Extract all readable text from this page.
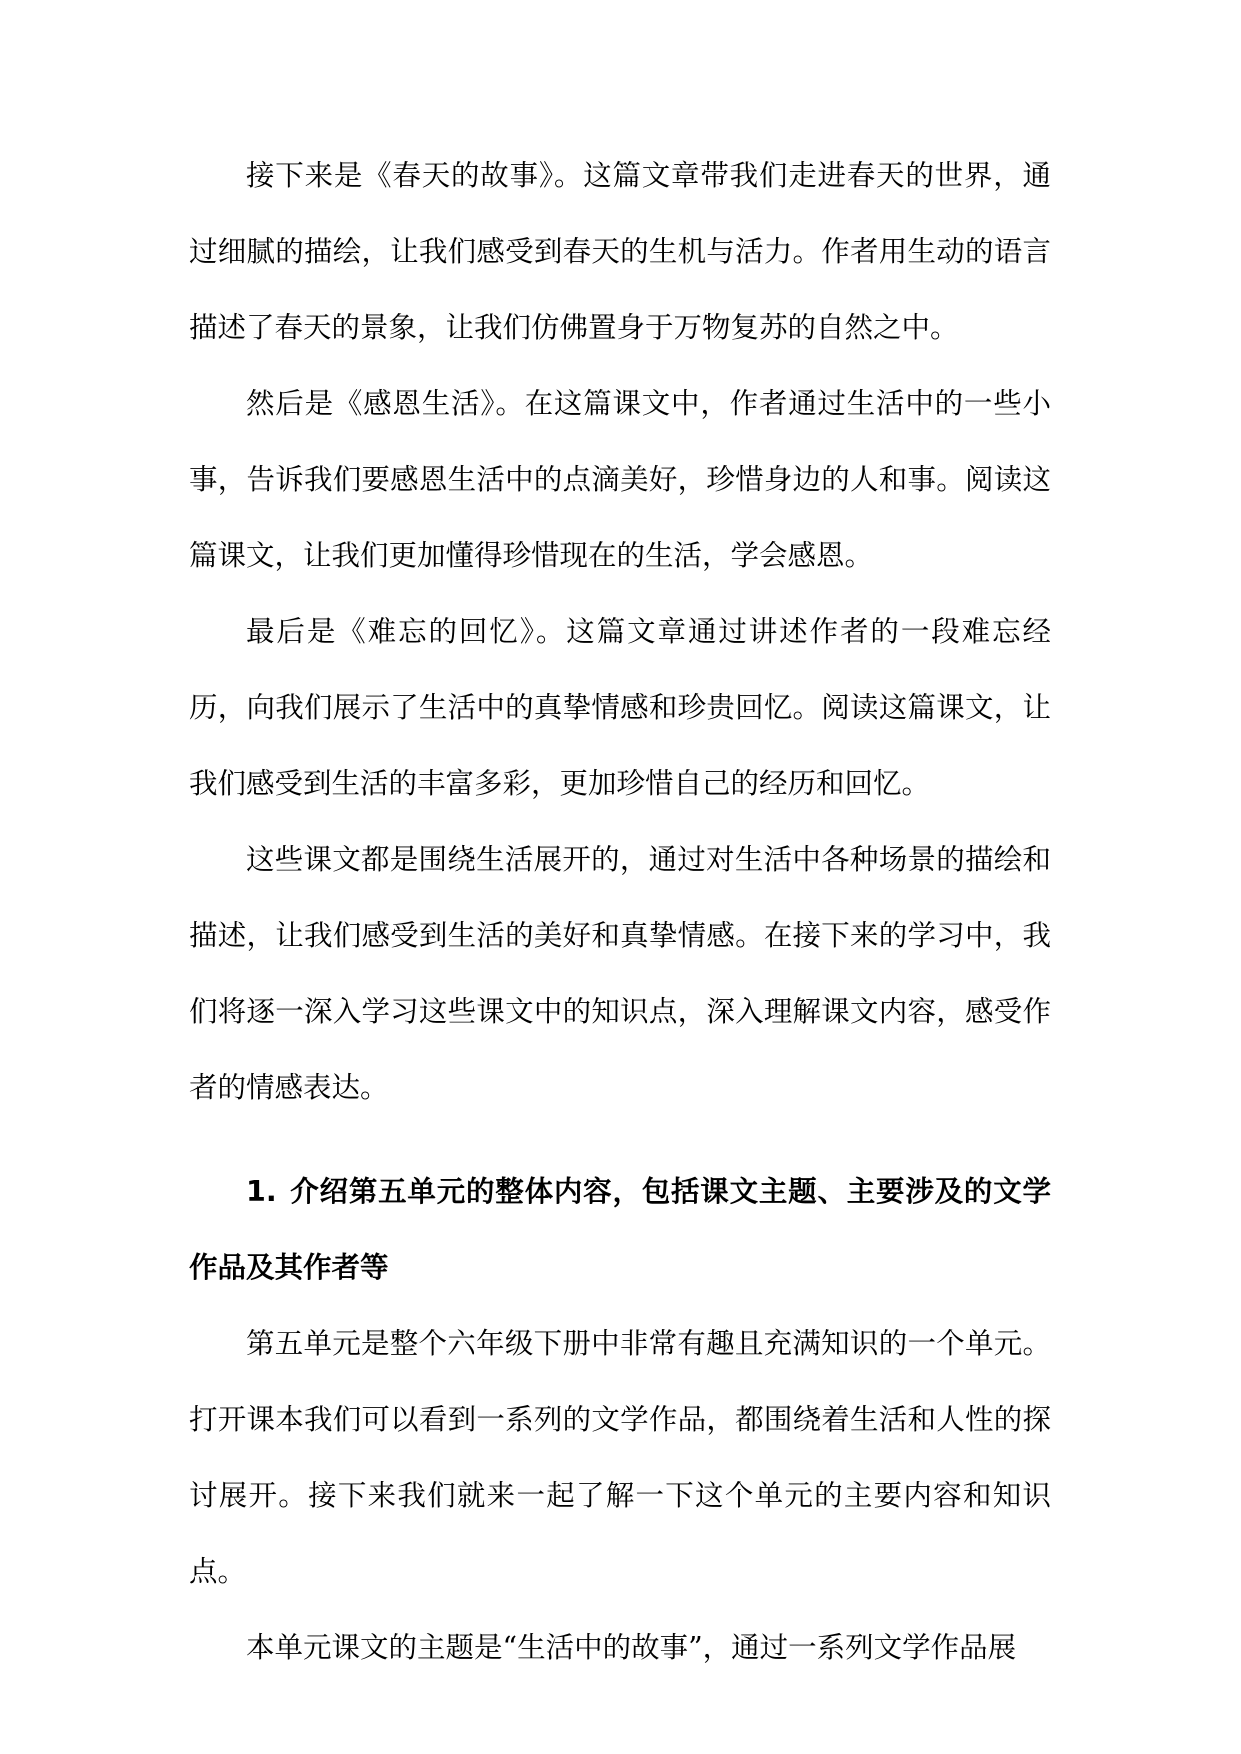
接下来是《春天的故事》。这篇文章带我们走进春天的世界，通过细腻的描绘，让我们感受到春天的生机与活力。作者用生动的语言描述了春天的景象，让我们仿佛置身于万物复苏的自然之中。

然后是《感恩生活》。在这篇课文中，作者通过生活中的一些小事，告诉我们要感恩生活中的点滴美好，珍惜身边的人和事。阅读这篇课文，让我们更加懂得珍惜现在的生活，学会感恩。

最后是《难忘的回忆》。这篇文章通过讲述作者的一段难忘经历，向我们展示了生活中的真挚情感和珍贵回忆。阅读这篇课文，让我们感受到生活的丰富多彩，更加珍惜自己的经历和回忆。

这些课文都是围绕生活展开的，通过对生活中各种场景的描绘和描述，让我们感受到生活的美好和真挚情感。在接下来的学习中，我们将逐一深入学习这些课文中的知识点，深入理解课文内容，感受作者的情感表达。

1. 介绍第五单元的整体内容，包括课文主题、主要涉及的文学作品及其作者等

第五单元是整个六年级下册中非常有趣且充满知识的一个单元。打开课本我们可以看到一系列的文学作品，都围绕着生活和人性的探讨展开。接下来我们就来一起了解一下这个单元的主要内容和知识点。

本单元课文的主题是“生活中的故事”，通过一系列文学作品展
